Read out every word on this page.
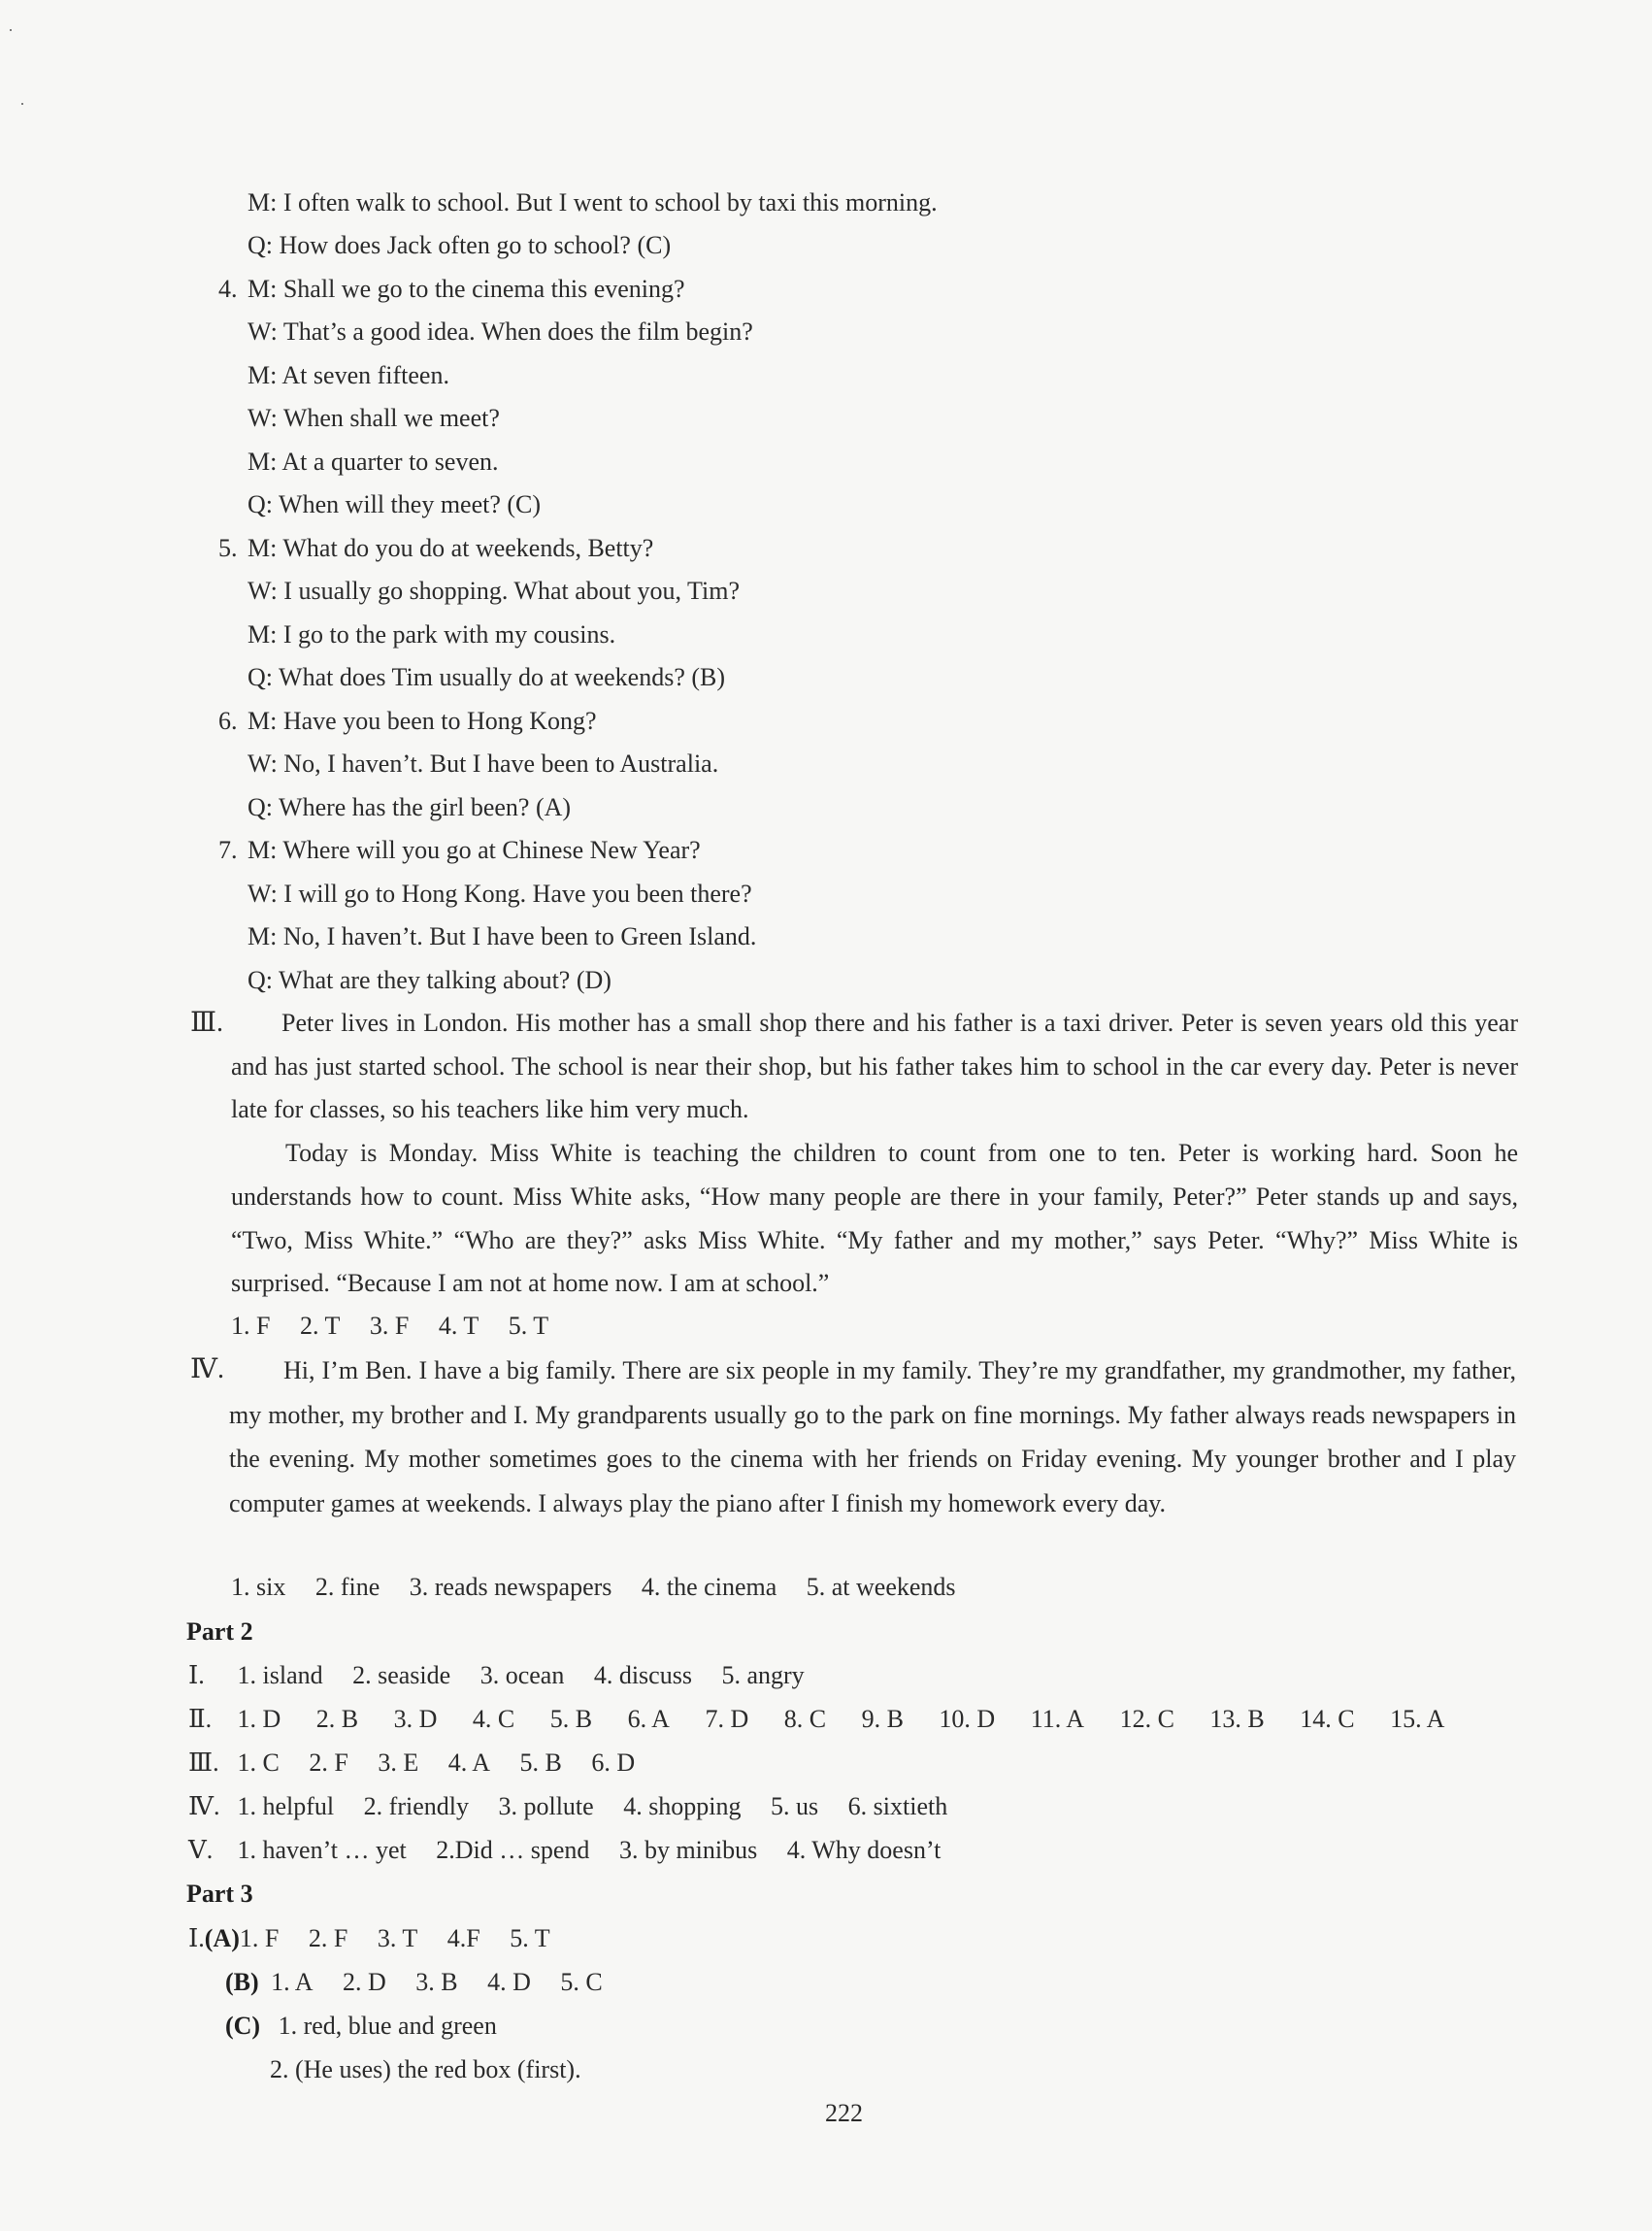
M: I often walk to school. But I went to school by taxi this morning.
Q: How does Jack often go to school? (C)
4. M: Shall we go to the cinema this evening?
W: That’s a good idea. When does the film begin?
M: At seven fifteen.
W: When shall we meet?
M: At a quarter to seven.
Q: When will they meet? (C)
5. M: What do you do at weekends, Betty?
W: I usually go shopping. What about you, Tim?
M: I go to the park with my cousins.
Q: What does Tim usually do at weekends? (B)
6. M: Have you been to Hong Kong?
W: No, I haven’t. But I have been to Australia.
Q: Where has the girl been? (A)
7. M: Where will you go at Chinese New Year?
W: I will go to Hong Kong. Have you been there?
M: No, I haven’t. But I have been to Green Island.
Q: What are they talking about? (D)
Ⅲ.	Peter lives in London. His mother has a small shop there and his father is a taxi driver. Peter is seven years old this year and has just started school. The school is near their shop, but his father takes him to school in the car every day. Peter is never late for classes, so his teachers like him very much.

Today is Monday. Miss White is teaching the children to count from one to ten. Peter is working hard. Soon he understands how to count. Miss White asks, “How many people are there in your family, Peter?” Peter stands up and says, “Two, Miss White.” “Who are they?” asks Miss White. “My father and my mother,” says Peter. “Why?” Miss White is surprised. “Because I am not at home now. I am at school.”

1. F 2. T 3. F 4. T 5. T
Ⅳ.	Hi, I’m Ben. I have a big family. There are six people in my family. They’re my grandfather, my grandmother, my father, my mother, my brother and I. My grandparents usually go to the park on fine mornings. My father always reads newspapers in the evening. My mother sometimes goes to the cinema with her friends on Friday evening. My younger brother and I play computer games at weekends. I always play the piano after I finish my homework every day.

1. six 2. fine 3. reads newspapers 4. the cinema 5. at weekends
Part 2
Ⅰ. 1. island 2. seaside 3. ocean 4. discuss 5. angry
Ⅱ. 1. D 2. B 3. D 4. C 5. B 6. A 7. D 8. C 9. B 10. D 11. A 12. C 13. B 14. C 15. A
Ⅲ. 1. C 2. F 3. E 4. A 5. B 6. D
Ⅳ. 1. helpful 2. friendly 3. pollute 4. shopping 5. us 6. sixtieth
Ⅴ. 1. haven’t … yet 2.Did … spend 3. by minibus 4. Why doesn’t
Part 3
Ⅰ.(A)1. F 2. F 3. T 4.F 5. T
(B) 1. A 2. D 3. B 4. D 5. C
(C) 1. red, blue and green
2. (He uses) the red box (first).
222
